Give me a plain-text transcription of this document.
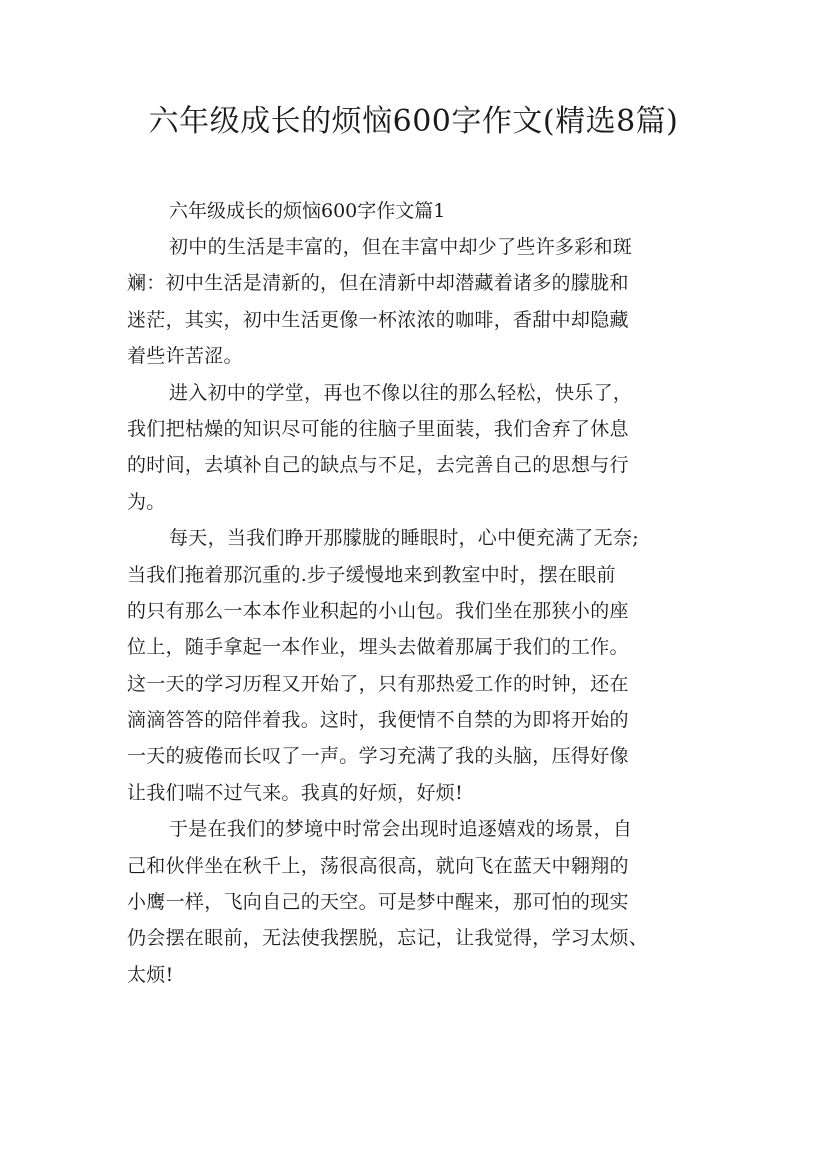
六年级成长的烦恼600字作文(精选8篇)

六年级成长的烦恼600字作文篇1

初中的生活是丰富的，但在丰富中却少了些许多彩和斑
斓：初中生活是清新的，但在清新中却潜藏着诸多的朦胧和
迷茫，其实，初中生活更像一杯浓浓的咖啡，香甜中却隐藏
着些许苦涩。

进入初中的学堂，再也不像以往的那么轻松，快乐了，
我们把枯燥的知识尽可能的往脑子里面装，我们舍弃了休息
的时间，去填补自己的缺点与不足，去完善自己的思想与行
为。

每天，当我们睁开那朦胧的睡眼时，心中便充满了无奈;
当我们拖着那沉重的.步子缓慢地来到教室中时，摆在眼前
的只有那么一本本作业积起的小山包。我们坐在那狭小的座
位上，随手拿起一本作业，埋头去做着那属于我们的工作。
这一天的学习历程又开始了，只有那热爱工作的时钟，还在
滴滴答答的陪伴着我。这时，我便情不自禁的为即将开始的
一天的疲倦而长叹了一声。学习充满了我的头脑，压得好像
让我们喘不过气来。我真的好烦，好烦!

于是在我们的梦境中时常会出现时追逐嬉戏的场景，自
己和伙伴坐在秋千上，荡很高很高，就向飞在蓝天中翱翔的
小鹰一样，飞向自己的天空。可是梦中醒来，那可怕的现实
仍会摆在眼前，无法使我摆脱，忘记，让我觉得，学习太烦、
太烦!
